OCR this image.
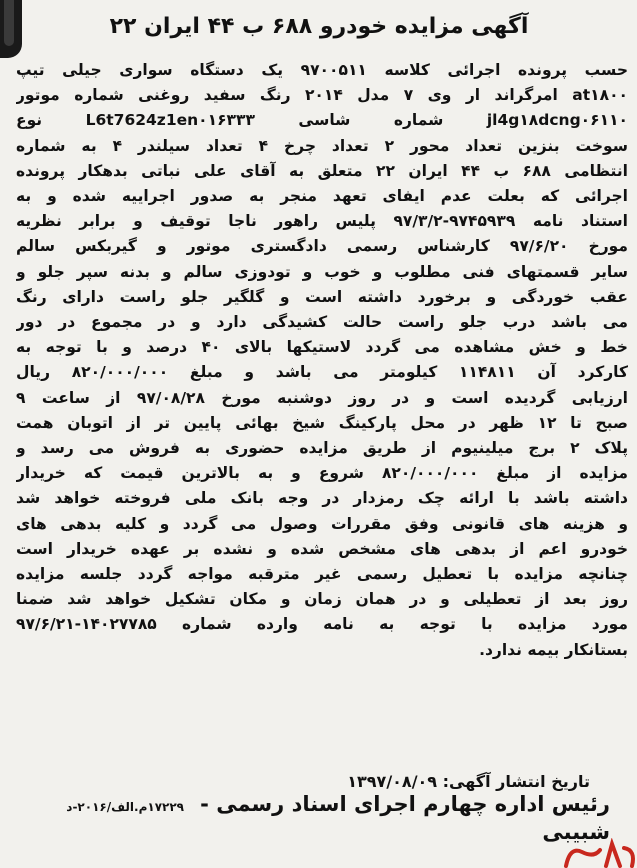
آگهی مزایده خودرو ۶۸۸ ب ۴۴ ایران ۲۲

حسب پرونده اجرائی کلاسه ۹۷۰۰۵۱۱ یک دستگاه سواری جیلی تیپ
at۱۸۰۰ امرگراند ار وی ۷ مدل ۲۰۱۴ رنگ سفید روغنی شماره موتور
jl4g۱۸dcng۰۶۱۱۰ شماره شاسی L6t7624z1en۰۱۶۳۳۳ نوع
سوخت بنزین تعداد محور ۲ تعداد چرخ ۴ تعداد سیلندر ۴ به شماره
انتظامی ۶۸۸ ب ۴۴ ایران ۲۲ متعلق به آقای علی نباتی بدهکار پرونده
اجرائی که بعلت عدم ایفای تعهد منجر به صدور اجراییه شده و به
استناد نامه ۹۷۴۵۹۳۹-۹۷/۳/۲ پلیس راهور ناجا توقیف و برابر نظریه
مورخ ۹۷/۶/۲۰ کارشناس رسمی دادگستری موتور و گیربکس سالم
سایر قسمتهای فنی مطلوب و خوب و تودوزی سالم و بدنه سپر جلو و
عقب خوردگی و برخورد داشته است و گلگیر جلو راست دارای رنگ
می باشد درب جلو راست حالت کشیدگی دارد و در مجموع در دور
خط و خش مشاهده می گردد لاستیکها بالای ۴۰ درصد و با توجه به
کارکرد آن ۱۱۴۸۱۱ کیلومتر می باشد و مبلغ ۸۲۰/۰۰۰/۰۰۰ ریال
ارزیابی گردیده است و در روز دوشنبه مورخ ۹۷/۰۸/۲۸ از ساعت ۹
صبح تا ۱۲ ظهر در محل پارکینگ شیخ بهائی پایین تر از اتوبان همت
پلاک ۲ برج میلینیوم از طریق مزایده حضوری به فروش می رسد و
مزایده از مبلغ ۸۲۰/۰۰۰/۰۰۰ شروع و به بالاترین قیمت که خریدار
داشته باشد با ارائه چک رمزدار در وجه بانک ملی فروخته خواهد شد
و هزینه های قانونی وفق مقررات وصول می گردد و کلیه بدهی های
خودرو اعم از بدهی های مشخص شده و نشده بر عهده خریدار است
چنانچه مزایده با تعطیل رسمی غیر مترقبه مواجه گردد جلسه مزایده
روز بعد از تعطیلی و در همان زمان و مکان تشکیل خواهد شد ضمنا
مورد مزایده با توجه به نامه وارده شماره ۱۴۰۲۷۷۸۵-۹۷/۶/۲۱
بستانکار بیمه ندارد.

تاریخ انتشار آگهی: ۱۳۹۷/۰۸/۰۹
۱۷۲۲۹م.الف/۲۰۱۶-د رئیس اداره چهارم اجرای اسناد رسمی -
شبیبی
